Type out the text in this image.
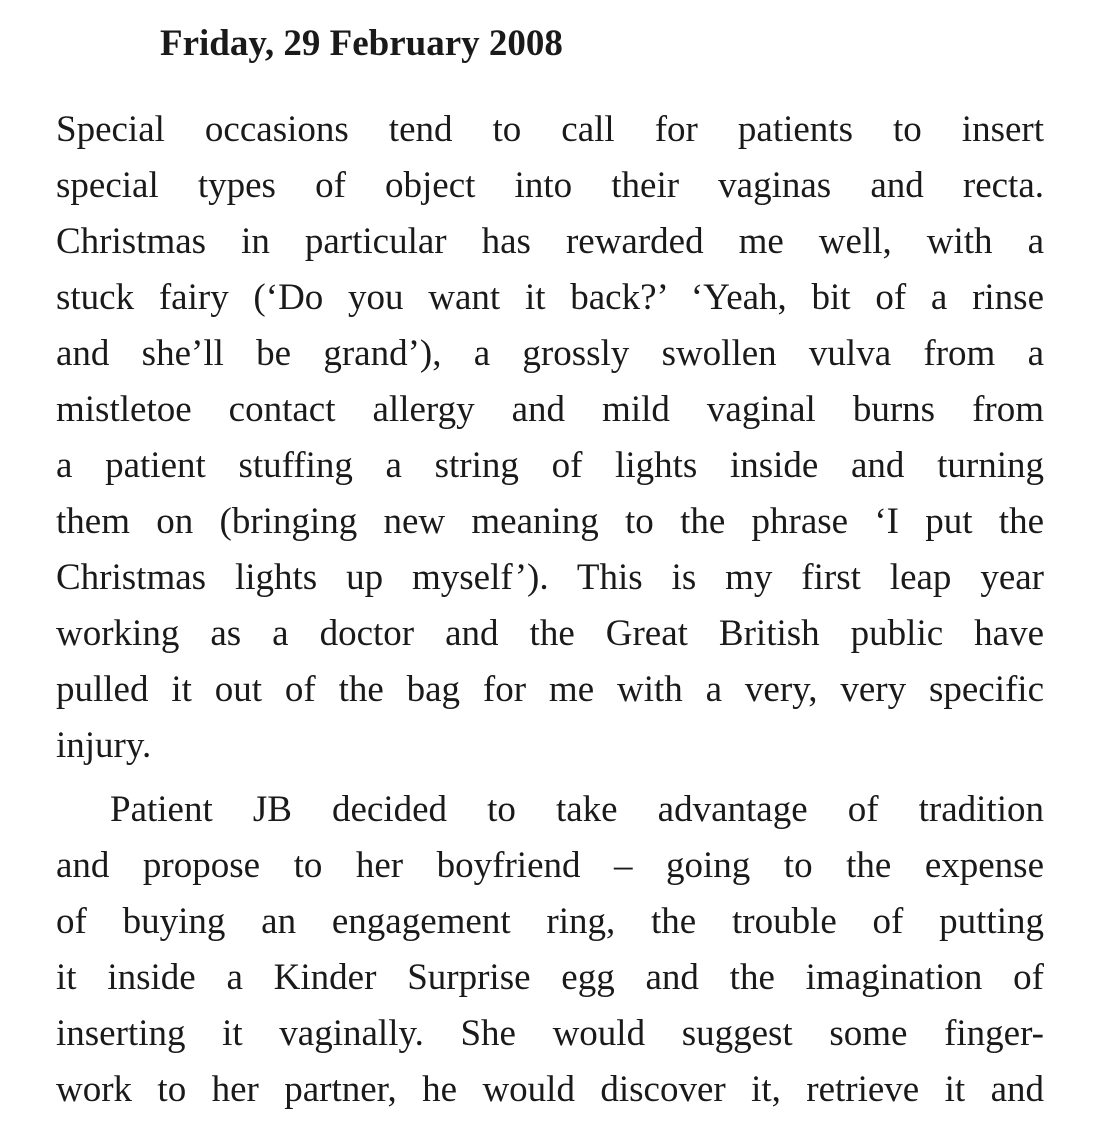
Friday, 29 February 2008
Special occasions tend to call for patients to insert
special types of object into their vaginas and recta.
Christmas in particular has rewarded me well, with a
stuck fairy (‘Do you want it back?’ ‘Yeah, bit of a rinse
and she’ll be grand’), a grossly swollen vulva from a
mistletoe contact allergy and mild vaginal burns from
a patient stuffing a string of lights inside and turning
them on (bringing new meaning to the phrase ‘I put the
Christmas lights up myself’). This is my first leap year
working as a doctor and the Great British public have
pulled it out of the bag for me with a very, very specific
injury.
Patient JB decided to take advantage of tradition
and propose to her boyfriend – going to the expense
of buying an engagement ring, the trouble of putting
it inside a Kinder Surprise egg and the imagination of
inserting it vaginally. She would suggest some finger-
work to her partner, he would discover it, retrieve it and
